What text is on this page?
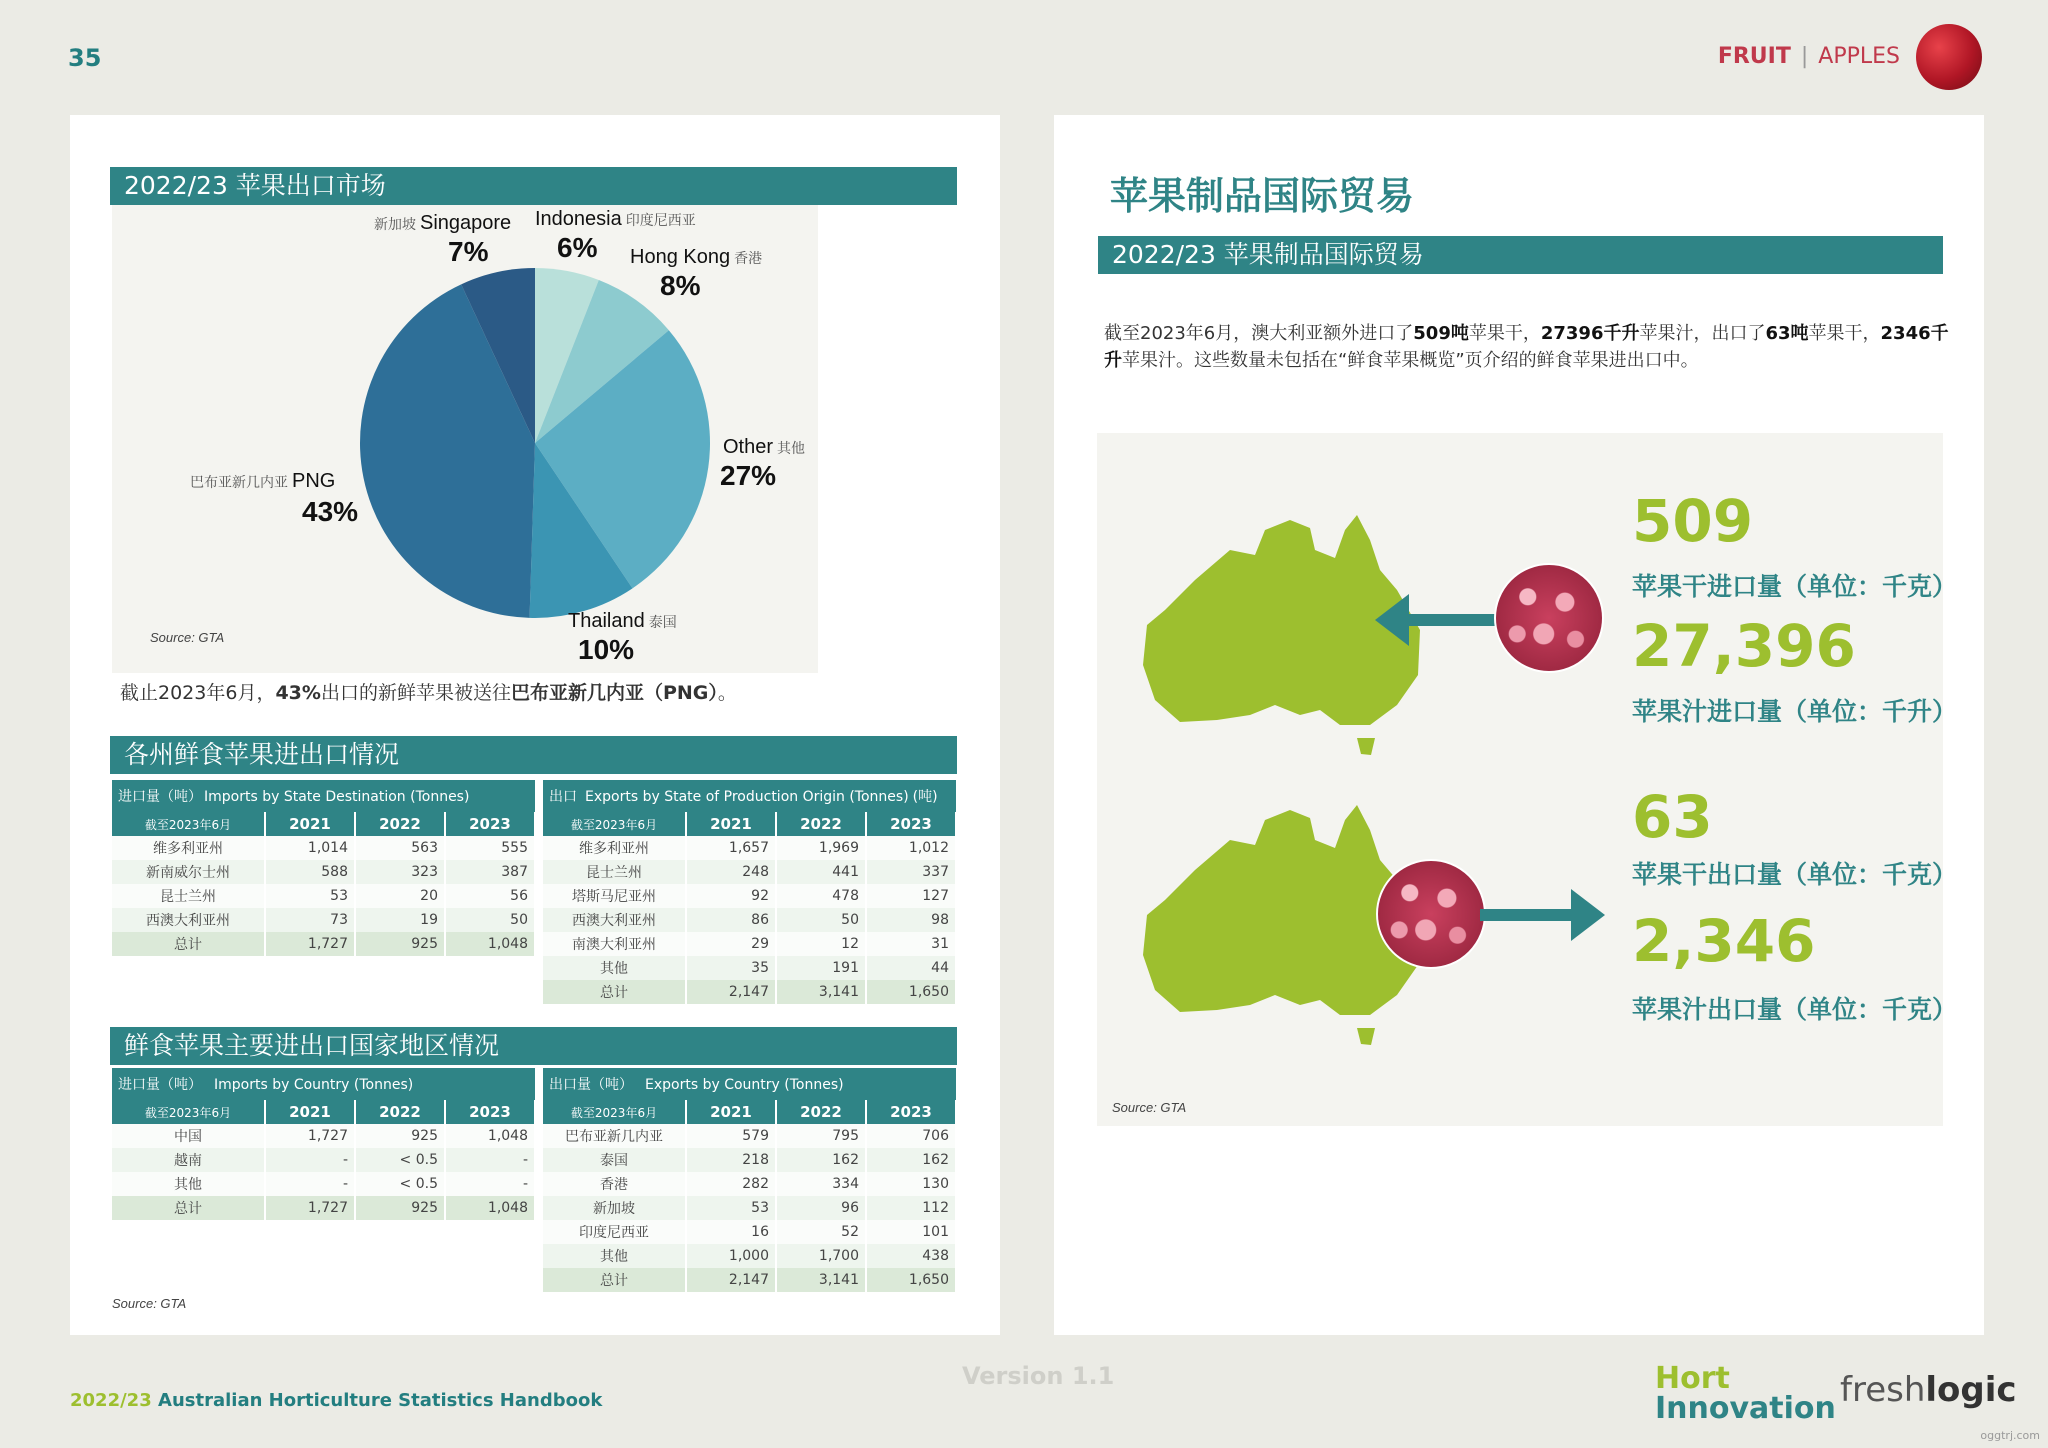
35	FRUIT | APPLES
2022/23 苹果出口市场
新加坡 Singapore
7%
Indonesia 印度尼西亚
6% Hong Kong 香港
8%
Other 其他
27%
Thailand 泰国
10%
巴布亚新几内亚 PNG
43%
Source: GTA
截止2023年6月，43%出口的新鲜苹果被送往巴布亚新几内亚（PNG）。
各州鲜食苹果进出口情况
进口量（吨） Imports by State Destination (Tonnes)			
截至2023年6月	2021	2022	2023
维多利亚州	1,014	563	555
新南威尔士州	588	323	387
昆士兰州	53	20	56
西澳大利亚州	73	19	50
总计	1,727	925	1,048
出口 Exports by State of Production Origin (Tonnes) (吨)			
截至2023年6月	2021	2022	2023
维多利亚州	1,657	1,969	1,012
昆士兰州	248	441	337
塔斯马尼亚州	92	478	127
西澳大利亚州	86	50	98
南澳大利亚州	29	12	31
其他	35	191	44
总计	2,147	3,141	1,650
鲜食苹果主要进出口国家地区情况
进口量（吨） Imports by Country (Tonnes)			
截至2023年6月	2021	2022	2023
中国	1,727	925	1,048
越南	-	< 0.5	-
其他	-	< 0.5	-
总计	1,727	925	1,048
出口量（吨） Exports by Country (Tonnes)			
截至2023年6月	2021	2022	2023
巴布亚新几内亚	579	795	706
泰国	218	162	162
香港	282	334	130
新加坡	53	96	112
印度尼西亚	16	52	101
其他	1,000	1,700	438
总计	2,147	3,141	1,650
Source: GTA
苹果制品国际贸易
2022/23 苹果制品国际贸易
截至2023年6月，澳大利亚额外进口了509吨苹果干，27396千升苹果汁，出口了63吨苹果干，2346千升苹果汁。这些数量未包括在“鲜食苹果概览”页介绍的鲜食苹果进出口中。
509
苹果干进口量（单位：千克）
27,396
苹果汁进口量（单位：千升）
63
苹果干出口量（单位：千克）
2,346
苹果汁出口量（单位：千克）
Source: GTA
2022/23 Australian Horticulture Statistics Handbook
Version 1.1	Hort
Innovation freshlogic
oggtrj.com
